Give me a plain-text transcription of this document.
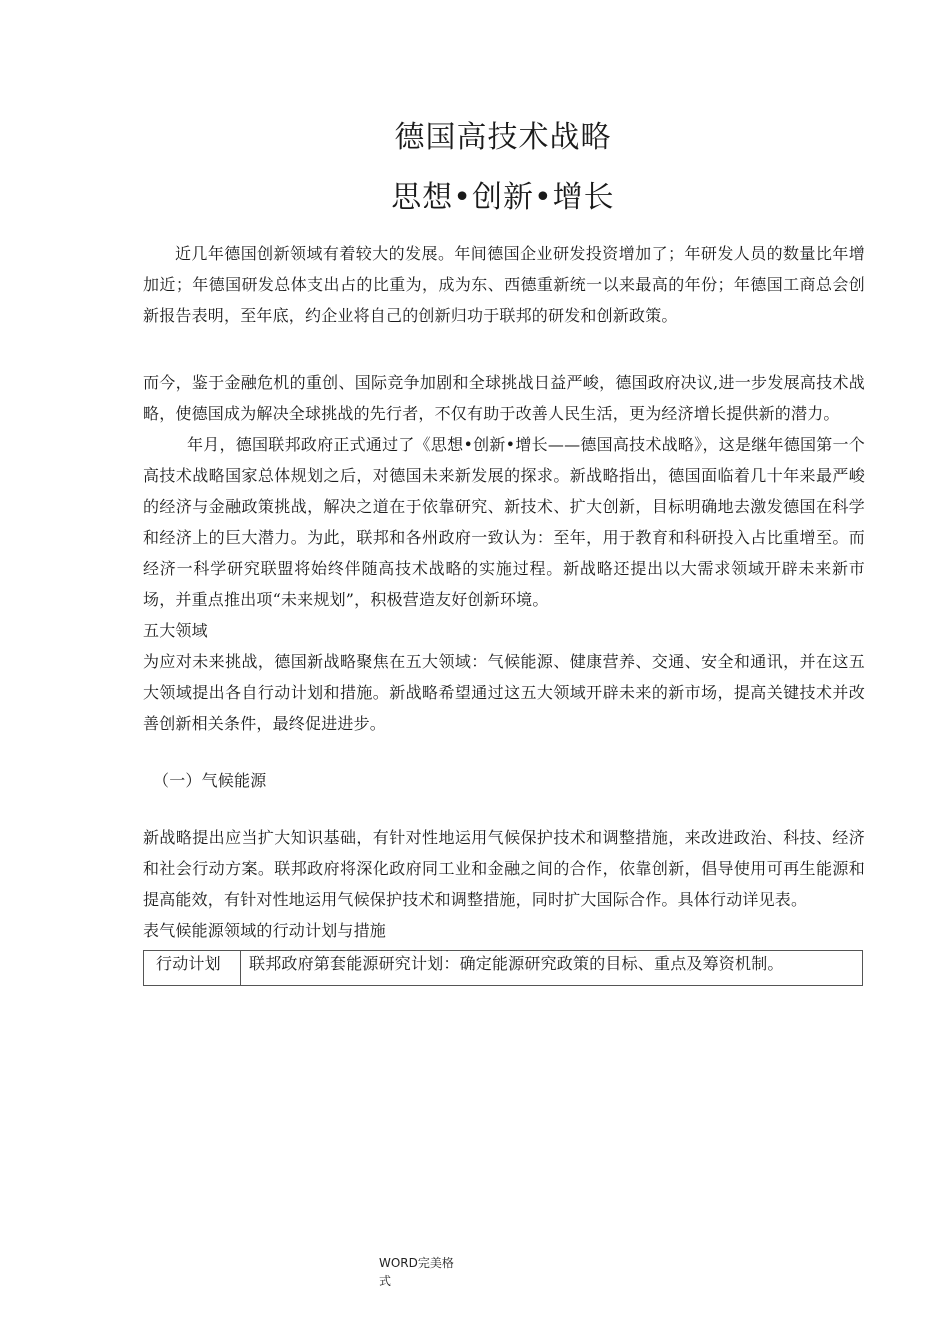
德国高技术战略
思想•创新•增长

近几年德国创新领域有着较大的发展。年间德国企业研发投资增加了；年研发人员的数量比年增加近；年德国研发总体支出占的比重为，成为东、西德重新统一以来最高的年份；年德国工商总会创新报告表明，至年底，约企业将自己的创新归功于联邦的研发和创新政策。

而今，鉴于金融危机的重创、国际竞争加剧和全球挑战日益严峻，德国政府决议,进一步发展高技术战略，使德国成为解决全球挑战的先行者，不仅有助于改善人民生活，更为经济增长提供新的潜力。

年月，德国联邦政府正式通过了《思想•创新•增长——德国高技术战略》，这是继年德国第一个高技术战略国家总体规划之后，对德国未来新发展的探求。新战略指出，德国面临着几十年来最严峻的经济与金融政策挑战，解决之道在于依靠研究、新技术、扩大创新，目标明确地去激发德国在科学和经济上的巨大潜力。为此，联邦和各州政府一致认为：至年，用于教育和科研投入占比重增至。而经济一科学研究联盟将始终伴随高技术战略的实施过程。新战略还提出以大需求领域开辟未来新市场，并重点推出项“未来规划”，积极营造友好创新环境。

五大领域

为应对未来挑战，德国新战略聚焦在五大领域：气候能源、健康营养、交通、安全和通讯，并在这五大领域提出各自行动计划和措施。新战略希望通过这五大领域开辟未来的新市场，提高关键技术并改善创新相关条件，最终促进进步。

（一）气候能源

新战略提出应当扩大知识基础，有针对性地运用气候保护技术和调整措施，来改进政治、科技、经济和社会行动方案。联邦政府将深化政府同工业和金融之间的合作，依靠创新，倡导使用可再生能源和提高能效，有针对性地运用气候保护技术和调整措施，同时扩大国际合作。具体行动详见表。

表气候能源领域的行动计划与措施

行动计划	联邦政府第套能源研究计划：确定能源研究政策的目标、重点及筹资机制。
WORD完美格
式
